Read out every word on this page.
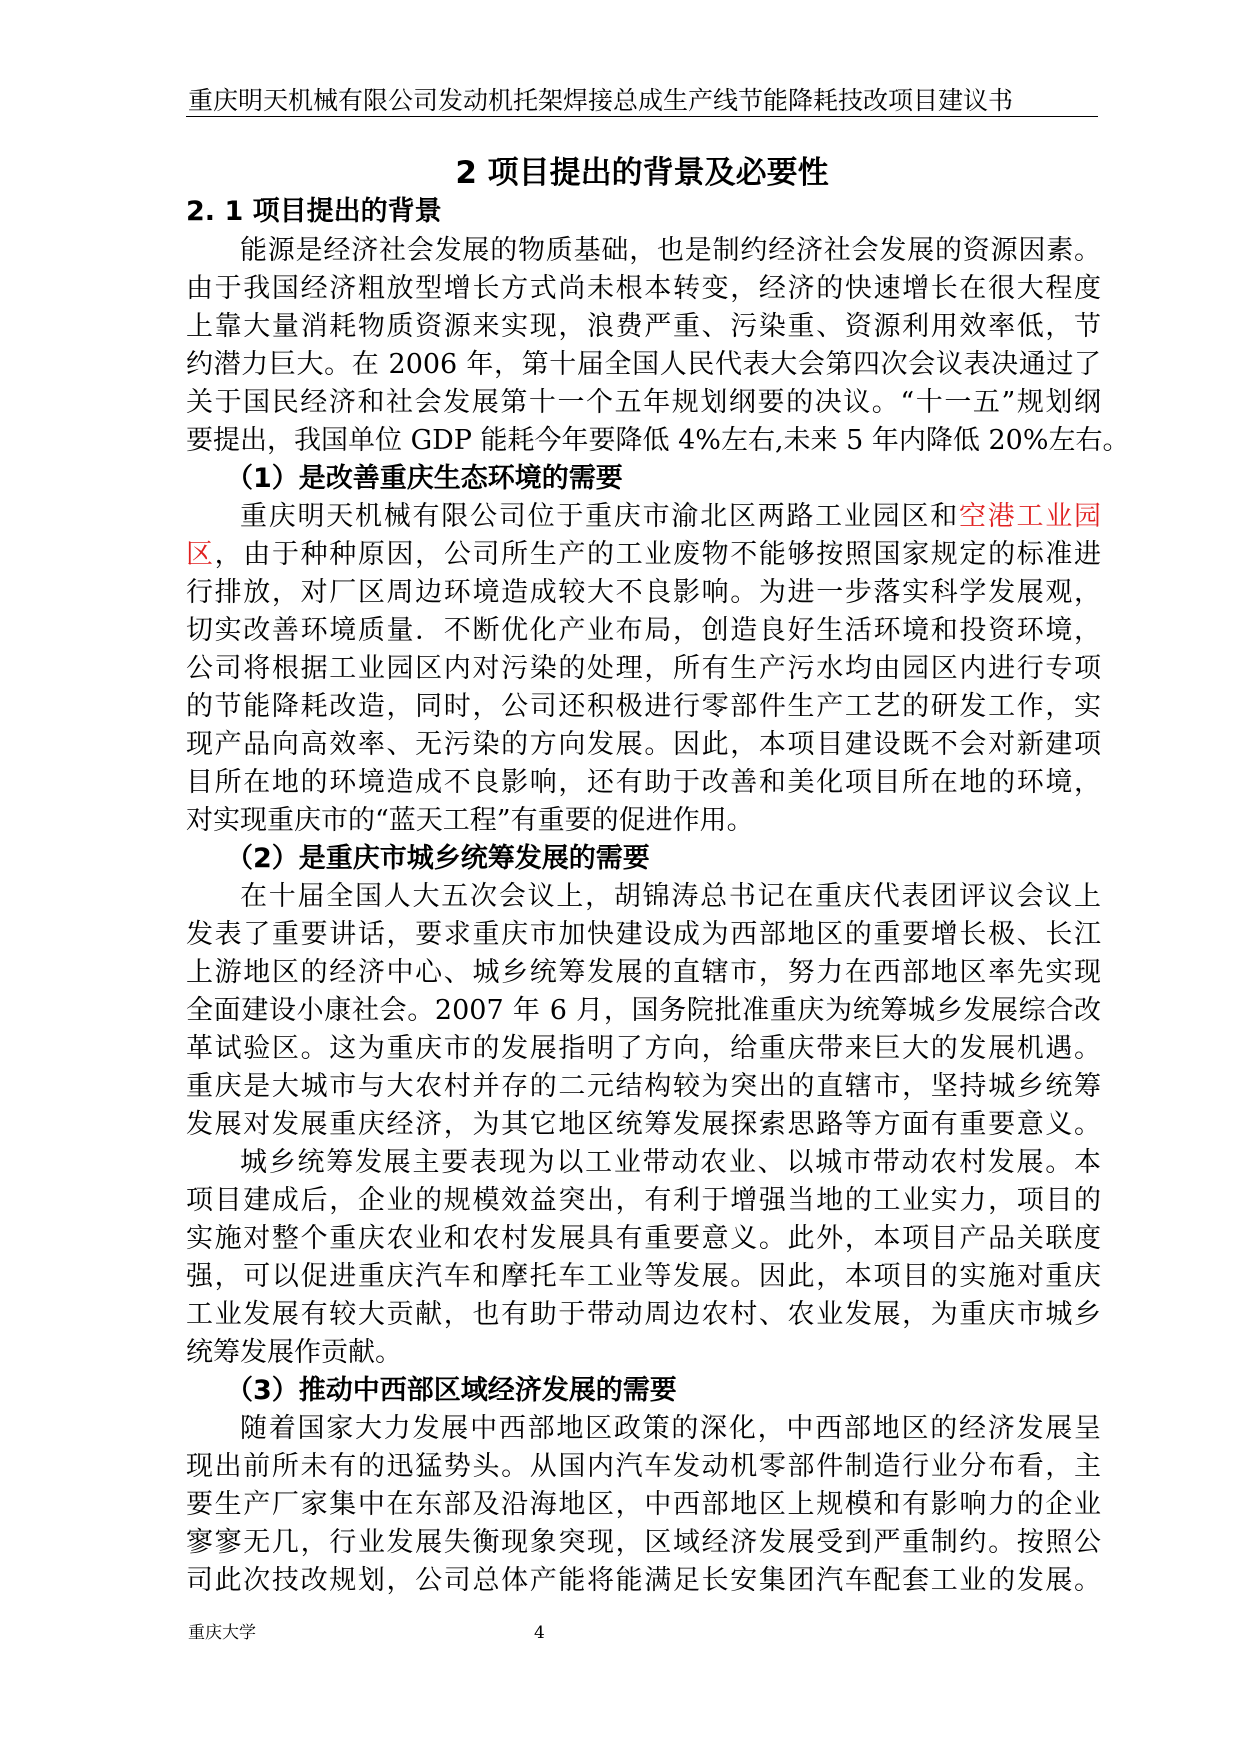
重庆明天机械有限公司发动机托架焊接总成生产线节能降耗技改项目建议书
2 项目提出的背景及必要性
2. 1 项目提出的背景
能源是经济社会发展的物质基础，也是制约经济社会发展的资源因素。
由于我国经济粗放型增长方式尚未根本转变，经济的快速增长在很大程度
上靠大量消耗物质资源来实现，浪费严重、污染重、资源利用效率低，节
约潜力巨大。在 2006 年，第十届全国人民代表大会第四次会议表决通过了
关于国民经济和社会发展第十一个五年规划纲要的决议。“十一五”规划纲
要提出，我国单位 GDP 能耗今年要降低 4%左右,未来 5 年内降低 20%左右。
（1）是改善重庆生态环境的需要
重庆明天机械有限公司位于重庆市渝北区两路工业园区和空港工业园
区，由于种种原因，公司所生产的工业废物不能够按照国家规定的标准进
行排放，对厂区周边环境造成较大不良影响。为进一步落实科学发展观，
切实改善环境质量．不断优化产业布局，创造良好生活环境和投资环境，
公司将根据工业园区内对污染的处理，所有生产污水均由园区内进行专项
的节能降耗改造，同时，公司还积极进行零部件生产工艺的研发工作，实
现产品向高效率、无污染的方向发展。因此，本项目建设既不会对新建项
目所在地的环境造成不良影响，还有助于改善和美化项目所在地的环境，
对实现重庆市的“蓝天工程”有重要的促进作用。
（2）是重庆市城乡统筹发展的需要
在十届全国人大五次会议上，胡锦涛总书记在重庆代表团评议会议上
发表了重要讲话，要求重庆市加快建设成为西部地区的重要增长极、长江
上游地区的经济中心、城乡统筹发展的直辖市，努力在西部地区率先实现
全面建设小康社会。2007 年 6 月，国务院批准重庆为统筹城乡发展综合改
革试验区。这为重庆市的发展指明了方向，给重庆带来巨大的发展机遇。
重庆是大城市与大农村并存的二元结构较为突出的直辖市，坚持城乡统筹
发展对发展重庆经济，为其它地区统筹发展探索思路等方面有重要意义。
城乡统筹发展主要表现为以工业带动农业、以城市带动农村发展。本
项目建成后，企业的规模效益突出，有利于增强当地的工业实力，项目的
实施对整个重庆农业和农村发展具有重要意义。此外，本项目产品关联度
强，可以促进重庆汽车和摩托车工业等发展。因此，本项目的实施对重庆
工业发展有较大贡献，也有助于带动周边农村、农业发展，为重庆市城乡
统筹发展作贡献。
（3）推动中西部区域经济发展的需要
随着国家大力发展中西部地区政策的深化，中西部地区的经济发展呈
现出前所未有的迅猛势头。从国内汽车发动机零部件制造行业分布看，主
要生产厂家集中在东部及沿海地区，中西部地区上规模和有影响力的企业
寥寥无几，行业发展失衡现象突现，区域经济发展受到严重制约。按照公
司此次技改规划，公司总体产能将能满足长安集团汽车配套工业的发展。
重庆大学	4
